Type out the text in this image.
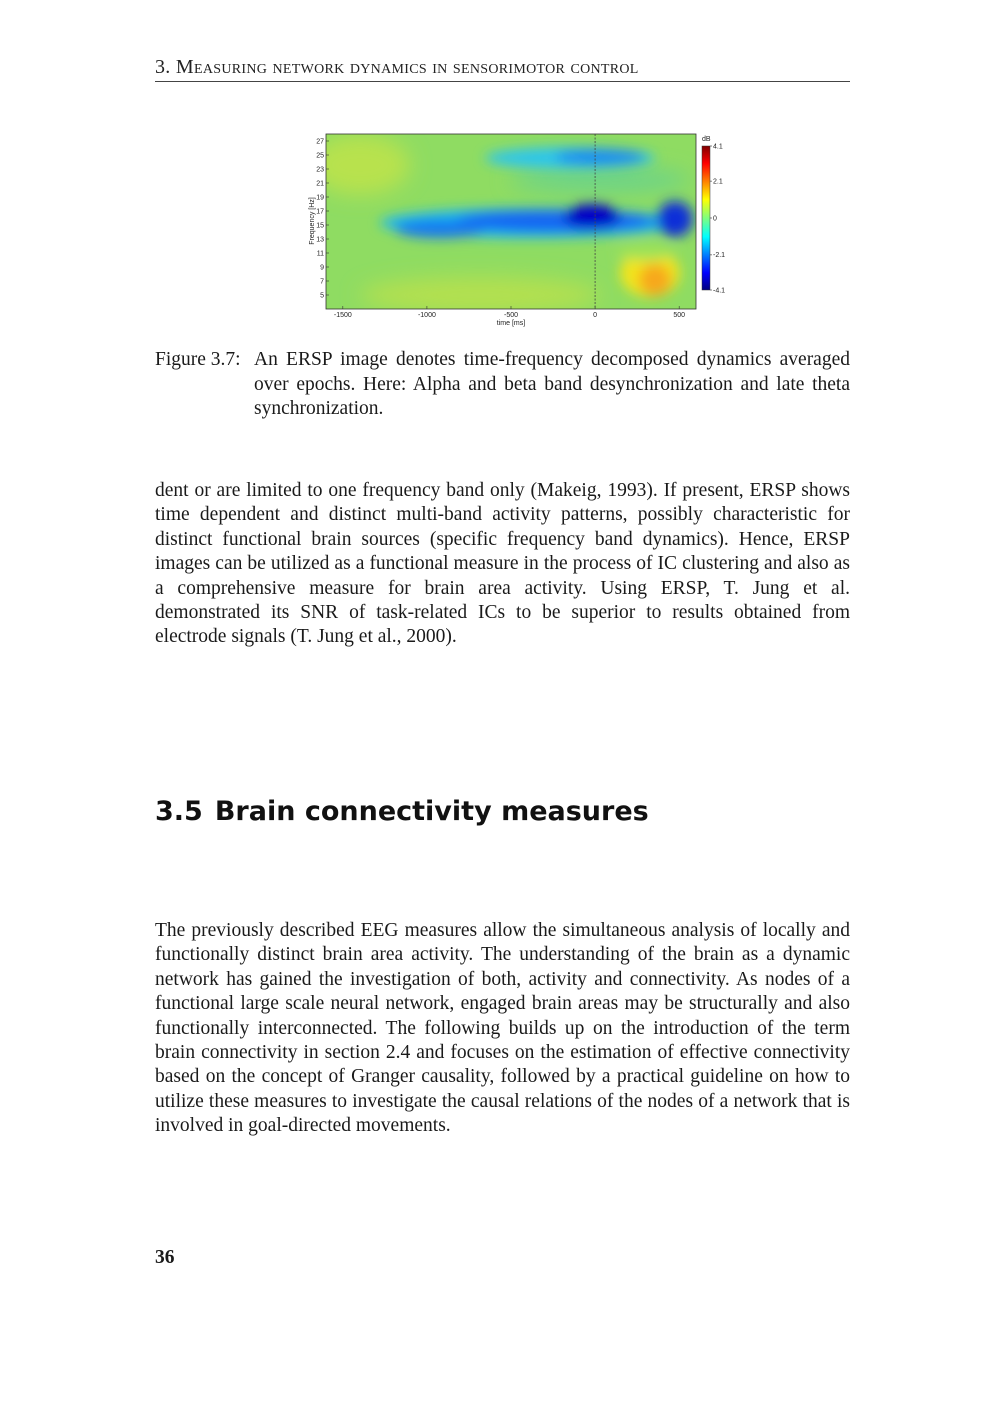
3. Measuring network dynamics in sensorimotor control
-1500	-1000	-500	0	500
5
7
9
11
13
15
17
19
21
23
25
27
time [ms]
Frequency [Hz]
dB
4.1
2.1
0
-2.1
-4.1
Figure 3.7: An ERSP image denotes time-frequency decomposed dynamics averaged over epochs. Here: Alpha and beta band desynchronization and late theta synchronization.
dent or are limited to one frequency band only (Makeig, 1993). If present, ERSP shows time dependent and distinct multi-band activity patterns, possibly characteristic for distinct functional brain sources (specific frequency band dynamics). Hence, ERSP images can be utilized as a functional measure in the process of IC clustering and also as a comprehensive measure for brain area activity. Using ERSP, T. Jung et al. demonstrated its SNR of task-related ICs to be superior to results obtained from electrode signals (T. Jung et al., 2000).
3.5 Brain connectivity measures
The previously described EEG measures allow the simultaneous analysis of locally and functionally distinct brain area activity. The understanding of the brain as a dynamic network has gained the investigation of both, activity and connectivity. As nodes of a functional large scale neural network, engaged brain areas may be structurally and also functionally interconnected. The following builds up on the introduction of the term brain connectivity in section 2.4 and focuses on the estimation of effective connectivity based on the concept of Granger causality, followed by a practical guideline on how to utilize these measures to investigate the causal relations of the nodes of a network that is involved in goal-directed movements.
36
